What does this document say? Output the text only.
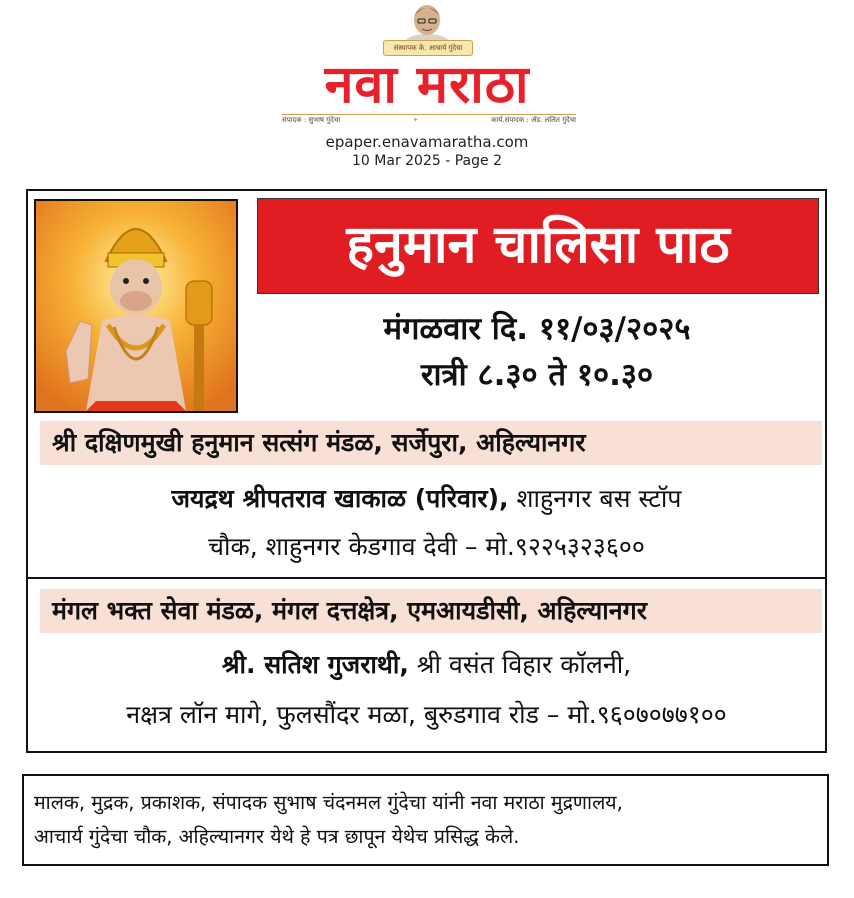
संस्थापक के. आचार्य गुंदेचा
नवा मराठा
संपादक : सुभाष गुंदेचा	✦	कार्य.संपादक : ॲड. ललित गुंदेचा
epaper.enavamaratha.com
10 Mar 2025 - Page 2
हनुमान चालिसा पाठ
मंगळवार दि. ११/०३/२०२५
रात्री ८.३० ते १०.३०
श्री दक्षिणमुखी हनुमान सत्संग मंडळ, सर्जेपुरा, अहिल्यानगर
जयद्रथ श्रीपतराव खाकाळ (परिवार), शाहुनगर बस स्टॉप
चौक, शाहुनगर केडगाव देवी – मो.९२२५३२३६००
मंगल भक्त सेवा मंडळ, मंगल दत्तक्षेत्र, एमआयडीसी, अहिल्यानगर
श्री. सतिश गुजराथी, श्री वसंत विहार कॉलनी,
नक्षत्र लॉन मागे, फुलसौंदर मळा, बुरुडगाव रोड – मो.९६०७०७७१००
मालक, मुद्रक, प्रकाशक, संपादक सुभाष चंदनमल गुंदेचा यांनी नवा मराठा मुद्रणालय,
आचार्य गुंदेचा चौक, अहिल्यानगर येथे हे पत्र छापून येथेच प्रसिद्ध केले.
